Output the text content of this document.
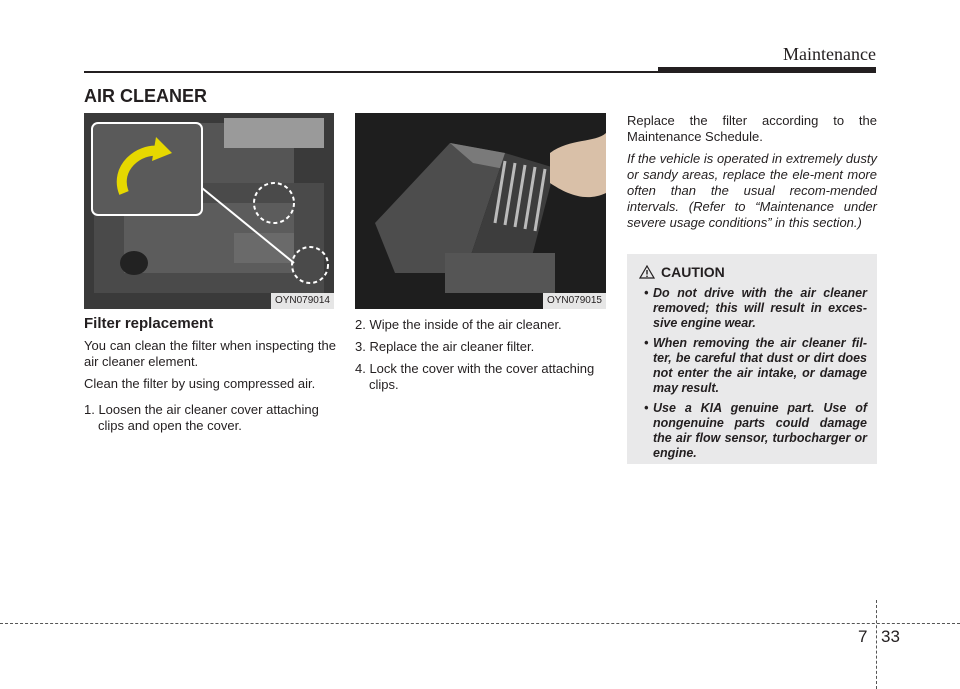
Maintenance
AIR CLEANER
OYN079014	OYN079015
Filter replacement

You can clean the filter when inspecting the air cleaner element.

Clean the filter by using compressed air.

1. Loosen the air cleaner cover attaching clips and open the cover.

2. Wipe the inside of the air cleaner.

3. Replace the air cleaner filter.

4. Lock the cover with the cover attaching clips.

Replace the filter according to the Maintenance Schedule.

If the vehicle is operated in extremely dusty or sandy areas, replace the ele-ment more often than the usual recom-mended intervals. (Refer to “Maintenance under severe usage conditions” in this section.)

CAUTION
• Do not drive with the air cleaner removed; this will result in exces-sive engine wear.
• When removing the air cleaner fil-ter, be careful that dust or dirt does not enter the air intake, or damage may result.
• Use a KIA genuine part. Use of nongenuine parts could damage the air flow sensor, turbocharger or engine.
7 33
